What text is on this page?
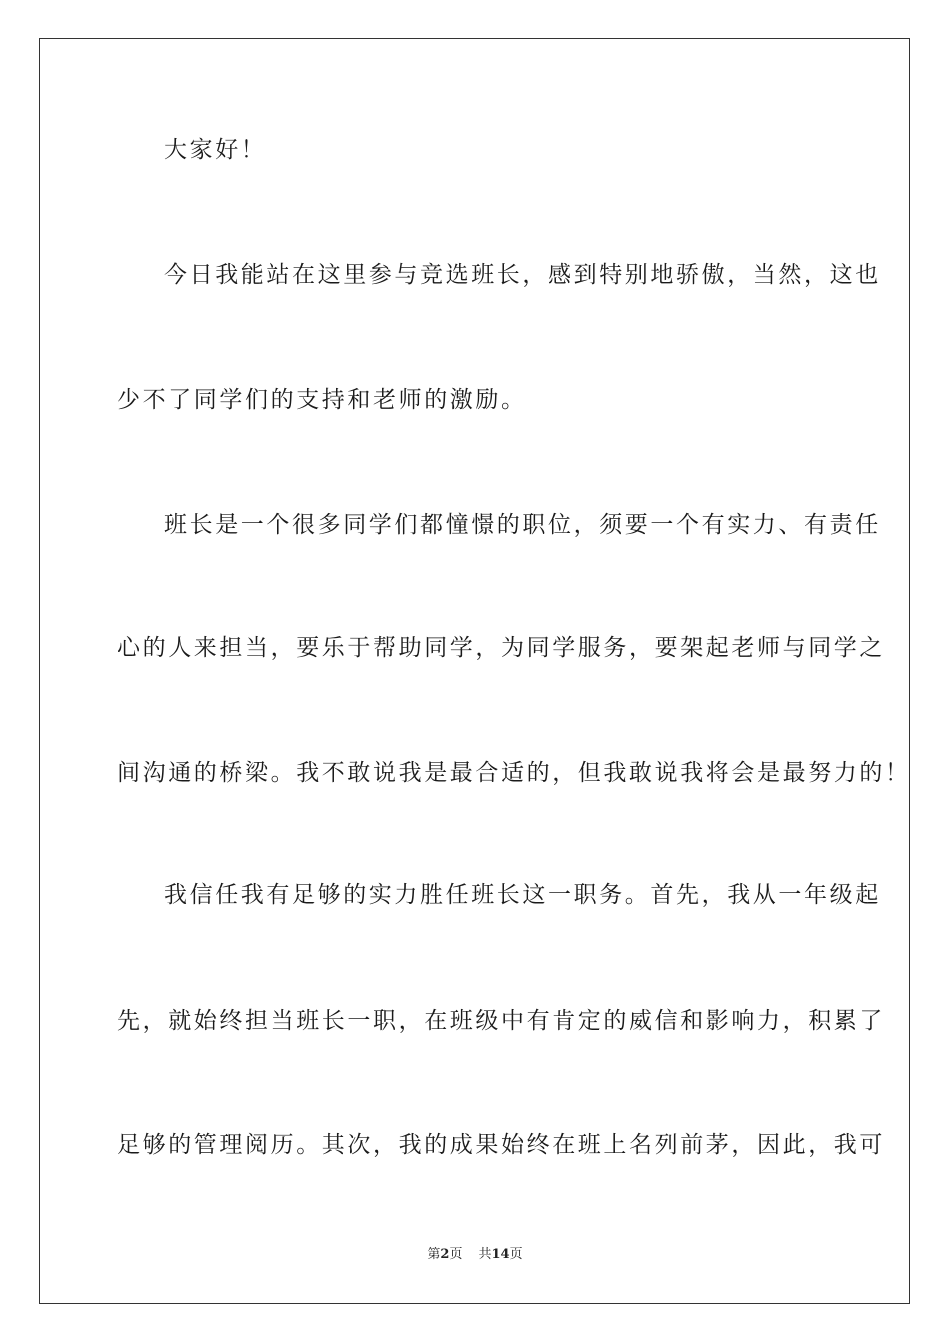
大家好！
今日我能站在这里参与竞选班长，感到特别地骄傲，当然，这也
少不了同学们的支持和老师的激励。
班长是一个很多同学们都憧憬的职位，须要一个有实力、有责任
心的人来担当，要乐于帮助同学，为同学服务，要架起老师与同学之
间沟通的桥梁。我不敢说我是最合适的，但我敢说我将会是最努力的！
我信任我有足够的实力胜任班长这一职务。首先，我从一年级起
先，就始终担当班长一职，在班级中有肯定的威信和影响力，积累了
足够的管理阅历。其次，我的成果始终在班上名列前茅，因此，我可
第2页 共14页
